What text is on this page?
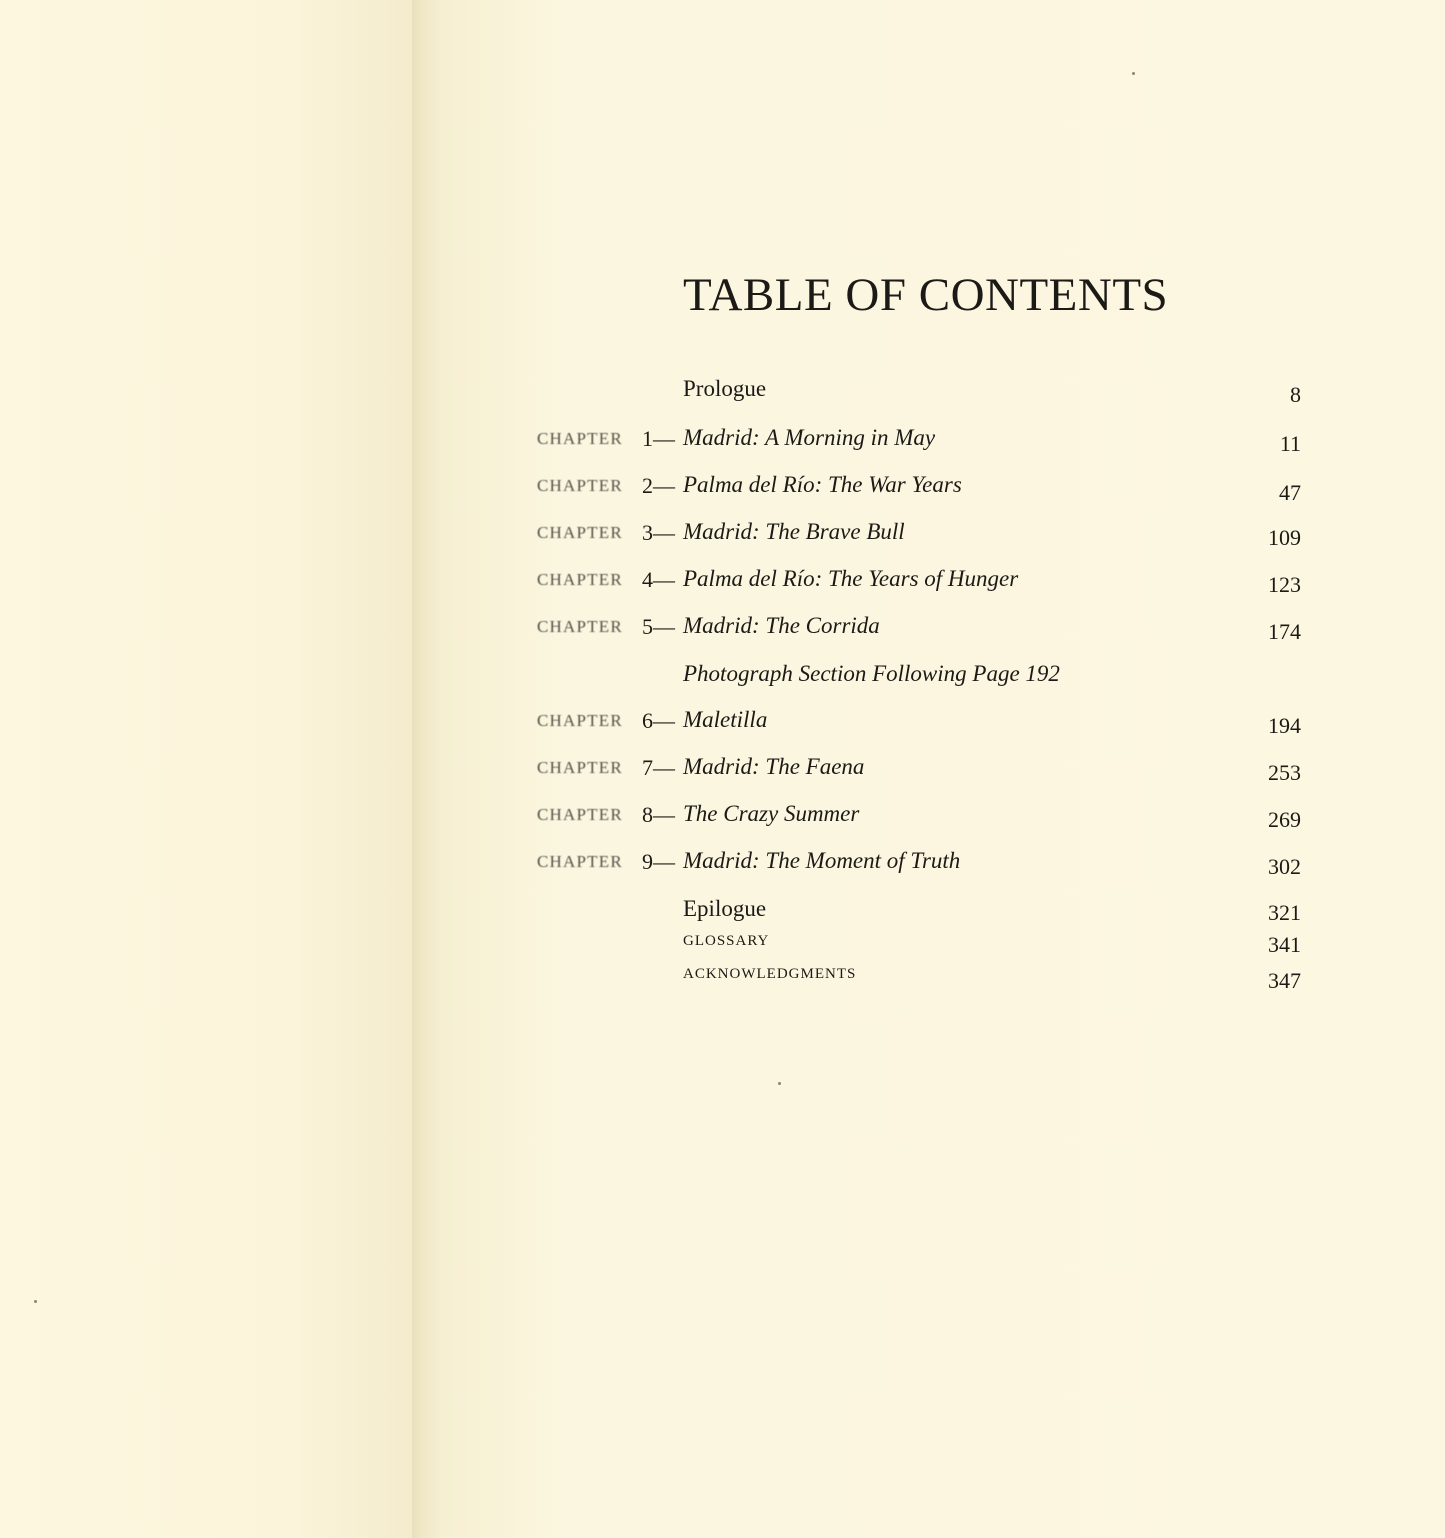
TABLE OF CONTENTS
Prologue	8
CHAPTER 1— Madrid: A Morning in May	11
CHAPTER 2— Palma del Río: The War Years	47
CHAPTER 3— Madrid: The Brave Bull	109
CHAPTER 4— Palma del Río: The Years of Hunger	123
CHAPTER 5— Madrid: The Corrida	174
Photograph Section Following Page 192
CHAPTER 6— Maletilla	194
CHAPTER 7— Madrid: The Faena	253
CHAPTER 8— The Crazy Summer	269
CHAPTER 9— Madrid: The Moment of Truth	302
Epilogue	321
GLOSSARY	341
ACKNOWLEDGMENTS	347
